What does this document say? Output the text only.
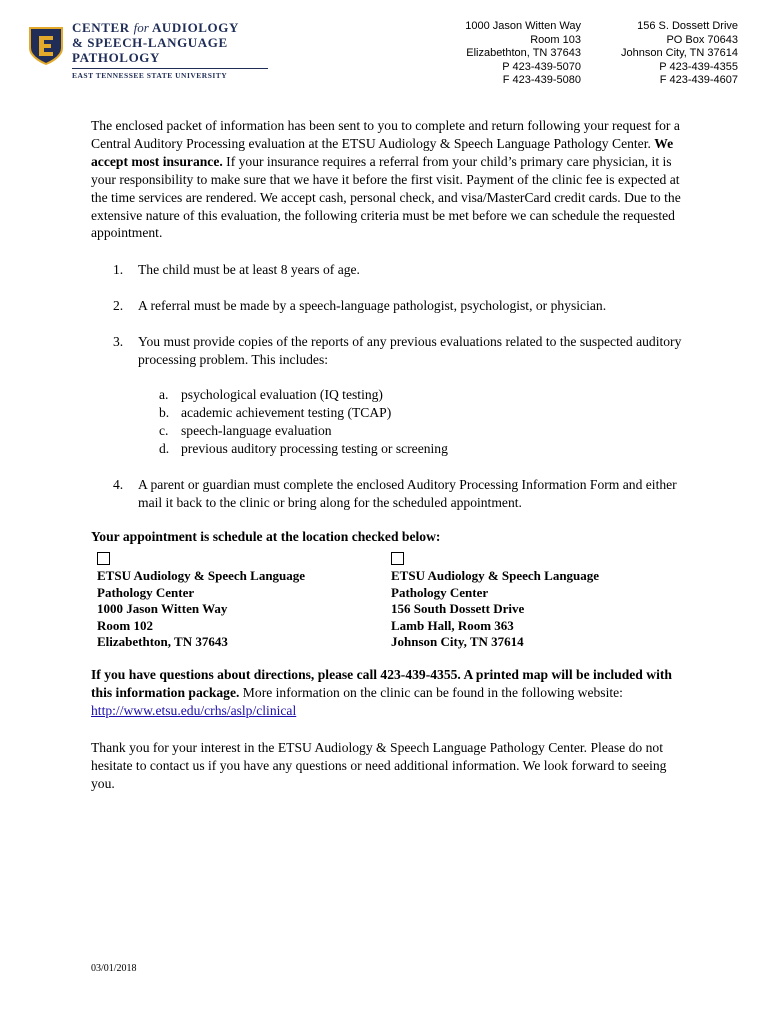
CENTER for AUDIOLOGY
& SPEECH-LANGUAGE
PATHOLOGY
EAST TENNESSEE STATE UNIVERSITY
1000 Jason Witten Way
Room 103
Elizabethton, TN 37643
P 423-439-5070
F 423-439-5080
156 S. Dossett Drive
PO Box 70643
Johnson City, TN 37614
P 423-439-4355
F 423-439-4607

The enclosed packet of information has been sent to you to complete and return following your request for a Central Auditory Processing evaluation at the ETSU Audiology & Speech Language Pathology Center. We accept most insurance. If your insurance requires a referral from your child’s primary care physician, it is your responsibility to make sure that we have it before the first visit. Payment of the clinic fee is expected at the time services are rendered. We accept cash, personal check, and visa/MasterCard credit cards. Due to the extensive nature of this evaluation, the following criteria must be met before we can schedule the requested appointment.

1. The child must be at least 8 years of age.
2. A referral must be made by a speech-language pathologist, psychologist, or physician.
3. You must provide copies of the reports of any previous evaluations related to the suspected auditory processing problem. This includes:
a. psychological evaluation (IQ testing)
b. academic achievement testing (TCAP)
c. speech-language evaluation
d. previous auditory processing testing or screening
4. A parent or guardian must complete the enclosed Auditory Processing Information Form and either mail it back to the clinic or bring along for the scheduled appointment.

Your appointment is schedule at the location checked below:

ETSU Audiology & Speech Language
Pathology Center
1000 Jason Witten Way
Room 102
Elizabethton, TN 37643
ETSU Audiology & Speech Language
Pathology Center
156 South Dossett Drive
Lamb Hall, Room 363
Johnson City, TN 37614

If you have questions about directions, please call 423-439-4355. A printed map will be included with this information package. More information on the clinic can be found in the following website: http://www.etsu.edu/crhs/aslp/clinical

Thank you for your interest in the ETSU Audiology & Speech Language Pathology Center. Please do not hesitate to contact us if you have any questions or need additional information. We look forward to seeing you.

03/01/2018
